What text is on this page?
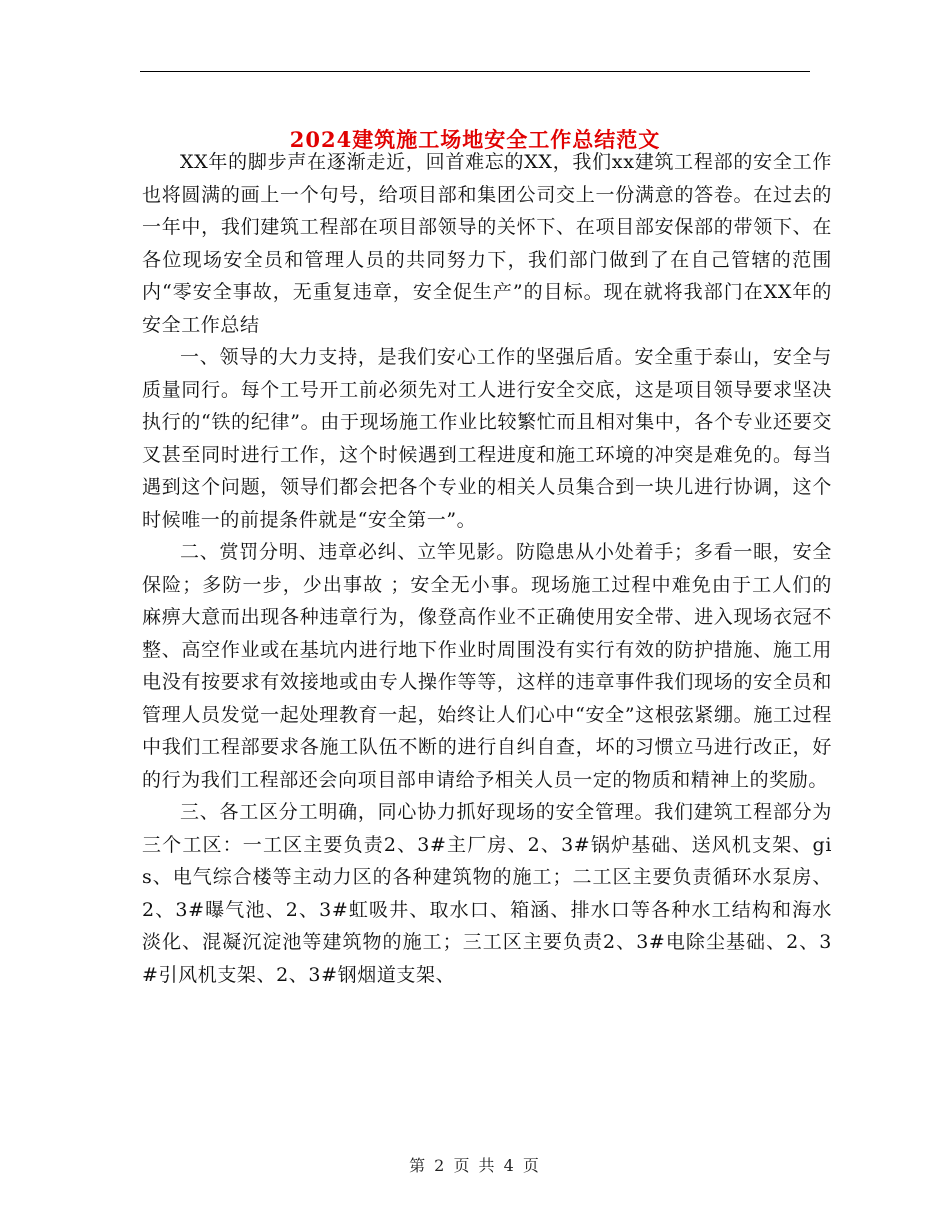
2024建筑施工场地安全工作总结范文

XX年的脚步声在逐渐走近，回首难忘的XX，我们xx建筑工程部的安全工作也将圆满的画上一个句号，给项目部和集团公司交上一份满意的答卷。在过去的一年中，我们建筑工程部在项目部领导的关怀下、在项目部安保部的带领下、在各位现场安全员和管理人员的共同努力下，我们部门做到了在自己管辖的范围内“零安全事故，无重复违章，安全促生产”的目标。现在就将我部门在XX年的安全工作总结

一、领导的大力支持，是我们安心工作的坚强后盾。安全重于泰山，安全与质量同行。每个工号开工前必须先对工人进行安全交底，这是项目领导要求坚决执行的“铁的纪律”。由于现场施工作业比较繁忙而且相对集中，各个专业还要交叉甚至同时进行工作，这个时候遇到工程进度和施工环境的冲突是难免的。每当遇到这个问题，领导们都会把各个专业的相关人员集合到一块儿进行协调，这个时候唯一的前提条件就是“安全第一”。

二、赏罚分明、违章必纠、立竿见影。防隐患从小处着手；多看一眼，安全保险；多防一步，少出事故 ；安全无小事。现场施工过程中难免由于工人们的麻痹大意而出现各种违章行为，像登高作业不正确使用安全带、进入现场衣冠不整、高空作业或在基坑内进行地下作业时周围没有实行有效的防护措施、施工用电没有按要求有效接地或由专人操作等等，这样的违章事件我们现场的安全员和管理人员发觉一起处理教育一起，始终让人们心中“安全”这根弦紧绷。施工过程中我们工程部要求各施工队伍不断的进行自纠自查，坏的习惯立马进行改正，好的行为我们工程部还会向项目部申请给予相关人员一定的物质和精神上的奖励。

三、各工区分工明确，同心协力抓好现场的安全管理。我们建筑工程部分为三个工区：一工区主要负责2、3#主厂房、2、3#锅炉基础、送风机支架、gis、电气综合楼等主动力区的各种建筑物的施工；二工区主要负责循环水泵房、2、3#曝气池、2、3#虹吸井、取水口、箱涵、排水口等各种水工结构和海水淡化、混凝沉淀池等建筑物的施工；三工区主要负责2、3#电除尘基础、2、3#引风机支架、2、3#钢烟道支架、

第 2 页 共 4 页
